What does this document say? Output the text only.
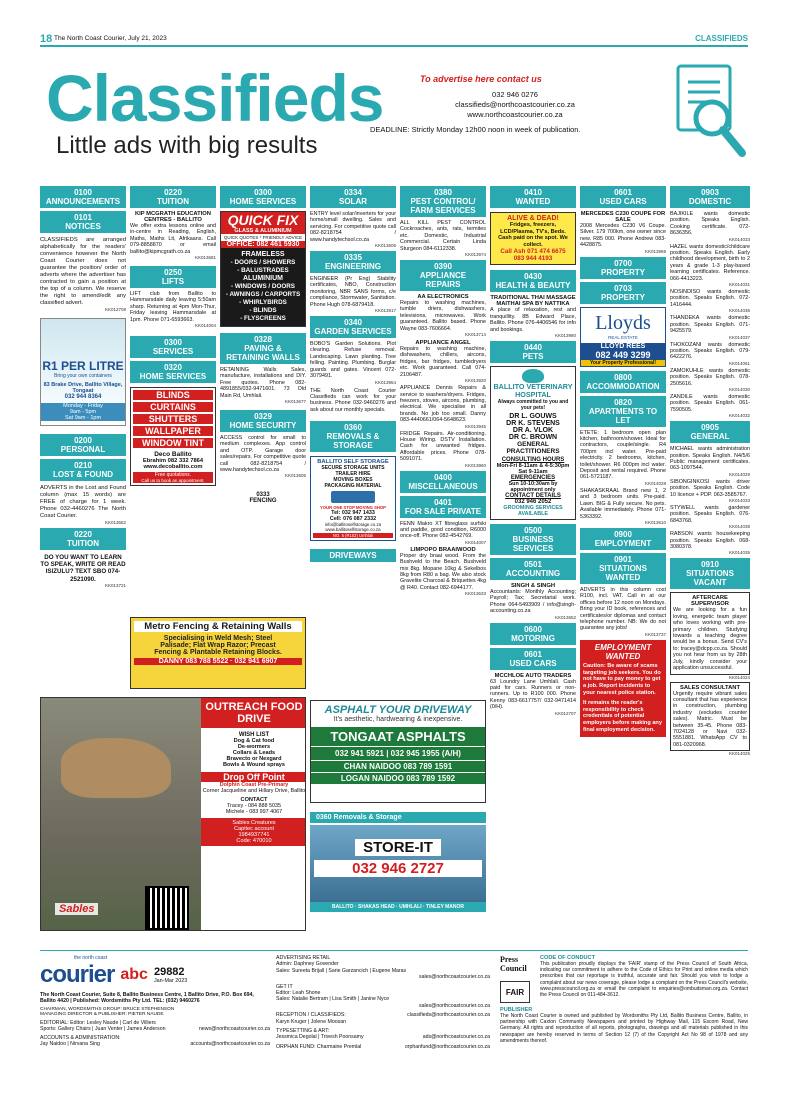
18 The North Coast Courier, July 21, 2023	CLASSIFIEDS
Classifieds
Little ads with big results
To advertise here contact us
032 946 0276
classifieds@northcoastcourier.co.za
www.northcoastcourier.co.za
DEADLINE: Strictly Monday 12h00 noon in week of publication.
0100
ANNOUNCEMENTS
0101
NOTICES
CLASSIFIEDS are arranged alphabetically for the readers' convenience however the North Coast Courier does not guarantee the position/ order of adverts where the advertiser has contracted to gain a position at the top of a column. We reserve the right to amend/edit any classified advert.
KK012708
R1 PER LITRE
Bring your own containers
83 Brake Drive, Ballito Village, Tongaat
032 944 8364
Monday - Friday
9am - 5pm
Sat 9am - 1pm
0200
PERSONAL
0210
LOST & FOUND
ADVERTS in the Lost and Found column (max 15 words) are FREE of charge for 1 week. Phone 032-4460276 The North Coast Courier.
KK013652
0220
TUITION
DO YOU WANT TO LEARN TO SPEAK, WRITE OR READ ISIZULU? TEXT SBO 074-2521090.
KK013721
0220
TUITION
KIP MCGRATH EDUCATION CENTRES - BALLITO
We offer extra lessons online and in-centre in Reading, English, Maths, Maths Lit, Afrikaans. Call 079-8858870 or email ballito@kipmcgrath.co.za
KK013681
0250
LIFTS
LIFT club from Ballito to Hammarsdale daily leaving 5:50am sharp. Returning at 4pm Mon-Thur, Friday leaving Hammarsdale at 1pm. Phone 071-6593663.
KK014004
0300
SERVICES
0320
HOME SERVICES
BLINDS
CURTAINS
SHUTTERS
WALLPAPER
WINDOW TINT
Deco Ballito
Ebrahim 082 332 7864
www.decoballito.com
Free quotations.
Call us to book an appointment.
0300
HOME SERVICES
QUICK FIX
GLASS & ALUMINIUM
QUICK QUOTES * FRIENDLY ADVICE
OFFICE: 082 461 5930
FRAMELESS
- DOORS / SHOWERS
- BALUSTRADES
ALUMINIUM
- WINDOWS / DOORS
- AWNINGS / CARPORTS
- WHIRLYBIRDS
- BLINDS
- FLYSCREENS
0328
PAVING &
RETAINING WALLS
RETAINING Walls Sales, manufacture, installations and DIY. Free quotes. Phone 082-4891855/032-9471601. 73 Old Main Rd, Umhlali.
KK013677
0329
HOME SECURITY
ACCESS control for small to medium complexes. App control and OTP. Garage door sales/repairs. For competitive quote call 082-8218754 / www.handytechsol.co.za
KK013605
0333
FENCING
0334
SOLAR
ENTRY level solar/inverters for your home/small dwelling. Sales and servicing. For competitive quote call 082-8218754 / www.handytechsol.co.za
KK013606
0335
ENGINEERING
ENGINEER (Pr Eng) Stability certificates, NBO, Construction monitoring, NBR SANS forms, c/e compliance, Stormwater, Sanitation. Phone Hugh 078-6879418.
KK013917
0340
GARDEN SERVICES
BOBO'S Garden Solutions. Plot clearing. Refuse removal. Landscaping. Lawn planting. Tree felling. Painting. Plumbing. Burglar guards and gates. Vincent 072-3079491.
KK013954
THE North Coast Courier Classifieds can work for your business. Phone 032-9460276 and ask about our monthly specials.
0360
REMOVALS &
STORAGE
BALLITO SELF STORAGE
SECURE STORAGE UNITS
TRAILER HIRE
MOVING BOXES
PACKAGING MATERIAL
YOUR ONE STOP MOVING SHOP
Tel: 032 947 1433
Cell: 076 087 2332
info@ballitoselfstorage.co.za
www.ballitoselfstorage.co.za
NO. 5 (R102) Umhlali
DRIVEWAYS
0380
PEST CONTROL/
FARM SERVICES
ALL KILL PEST CONTROL Cockroaches, ants, rats, termites etc. Domestic, Industrial Commercial. Certain Linda Sturgeon 084-6112338.
KK013974
0390
APPLIANCE REPAIRS
AA ELECTRONICS
Repairs to washing machines, tumble driers, dishwashers, televisions, microwaves. Work guaranteed. Ballito based. Phone Wayne 083-7606664.
KK013714
APPLIANCE ANGEL
Repairs to washing machine, dishwashers, chillers, aircons, fridges, bar fridges, tumbledryers etc. Work guaranteed. Call 074-2106487.
KK013920
APPLIANCE Dennis Repairs & service to washers/dryers. Fridges, freezers, stoves, aircons, plumbing, electrical. We specialise in all brands. No job too small. Danny 083-4440661/064-5648623.
KK013945
FRIDGE Repairs. Air-conditioning. House Wiring. DSTV Installation. Cash for unwanted fridges. Affordable prices. Phone 078-5091071.
KK013960
0400
MISCELLANEOUS
0401
FOR SALE PRIVATE
FENN Makro XT fibreglass surfski and paddle, good condition, R6000 once-off. Phone 082-4542769.
KK014007
LIMPOPO BRAAIWOOD
Proper dry braai wood. From the Bushveld to the Beach. Bushveld mix 8kg. Mopane 10kg & Sekelbos 8kg from R80 a bag. We also stock Gravelite Charcoal & Briquettes 4kg @ R40. Contact 082-6944177.
KK013633
0410
WANTED
ALIVE & DEAD!
Fridges, freezers, LCD/Plasma, TV's, Beds. Cash paid on the spot. We collect.
Call Ash 071 474 6675
083 944 4193
0430
HEALTH & BEAUTY
TRADITIONAL THAI MASSAGE MAITHAI SPA BY NATTIKA
A place of relaxation, rest and tranquillity. 8B Edward Place, Ballito. Phone 076-4406546 for info and bookings.
KK013980
0440
PETS
BALLITO VETERINARY HOSPITAL
Always committed to you and your pets!
DR L. GOUWS
DR K. STEVENS
DR A. VLOK
DR C. BROWN
GENERAL PRACTITIONERS
CONSULTING HOURS
Mon-Fri 8-11am & 4-5:30pm
Sat 9-11am
EMERGENCIES
Sun 10-10:30am by appointment only
CONTACT DETAILS
032 946 2052
GROOMING SERVICES AVAILABLE
0500
BUSINESS SERVICES
0501
ACCOUNTING
SINGH & SINGH
Accountants: Monthly Accounting; Payroll; Tax; Secretarial work. Phone 064-5493909 / info@singh-accounting.co.za
KK013652
0600
MOTORING
0601
USED CARS
MCCHLOE AUTO TRADERS
63 Loundry Lane Umhlali. Cash paid for cars. Runners or non-runners. Up to R100 000. Phone Kenny 083-6617757/ 032-9471414 (0/H).
KK012707
0601
USED CARS
MERCEDES C230 COUPE FOR SALE
2008 Mercedes C230 V6 Coupe. Silver. 179 700km, one owner since new. R85 000. Phone Andrew 083-4428875.
KK013969
0700
PROPERTY
0703
PROPERTY
Lloyds
REAL ESTATE
LLOYD REES
082 449 3299
Your Property Professional!
0800
ACCOMMODATION
0820
APARTMENTS TO LET
ETETE: 1 bedroom open plan kitchen, bathroom/shower. Ideal for contractors, couple/single. R4 700pm incl water. Pre-paid electricity. 2 bedrooms, kitchen, toilet/shower. R6 000pm incl water. Deposit and rental required. Phone 061-5721187.
KK014028
SHAKASKRAAL Brand new 1, 2 and 3 bedroom units. Pre-paid. Lawn. BIG & Fully secure. No pets. Available immediately. Phone 071-5363392.
KK013610
0900
EMPLOYMENT
0901
SITUATIONS
WANTED
ADVERTS in this column cost R100, incl. VAT. Call in at our offices before 12 noon on Mondays. Bring your ID book, references and certificates/or diplomas and contact telephone number. NB: We do not guarantee any jobs!
KK013737
EMPLOYMENT WANTED
Caution: Be aware of scams targeting job seekers. You do not have to pay money to get a job. Report incidents to your nearest police station.
It remains the reader's responsibility to check credentials of potential employers before making any final employment decision.
0903
DOMESTIC
BAJIKILE wants domestic position. Speaks English. Cooking certificate. 072-8636356.
KK014033
HAZEL wants domestic/childcare position. Speaks English. Early childhood development, birth to 2 years & grade 1-3 play-based learning certificates. Reference. 066-4413223.
KK014031
NOSINDISO wants domestic position. Speaks English. 072-1416444.
KK014036
THANDEKA wants domestic position. Speaks English. 071-9425579.
KK014037
THOKOZANI wants domestic position. Speaks English. 079-6422276.
KK014061
ZAMOKUHLE wants domestic position. Speaks English. 078-2505616.
KK014030
ZANDILE wants domestic position. Speaks English. 061-7590505.
KK014032
0905
GENERAL
MICHAEL wants administration position. Speaks English. N4/5/6 Public management certificates. 063-1097544.
KK014029
SIBONGINKOSI wants driver position. Speaks English. Code 10 licence + PDP. 063-3585767.
KK014033
STYWELL wants gardener position. Speaks English. 076-6843768.
KK014038
RABSON wants housekeeping position. Speaks English. 068-3080378.
KK014035
0910
SITUATIONS VACANT
AFTERCARE SUPERVISOR
We are looking for a fun loving, energetic team player who loves working with pre-primary children. Studying towards a teaching degree would be a bonus. Send CV's to: tracey@dcpp.co.za. Should you not hear from us by 28th July, kindly consider your application unsuccessful.
KK014024
SALES CONSULTANT
Urgently require vibrant sales consultant that has experience in construction, plumbing industry (excludes counter sales). Matric. Must be between 35-45. Phone 083-7024128 or Navi 032-5551881. WhatsApp CV to 081-0320968.
KK014025
Metro Fencing & Retaining Walls
Specialising in Weld Mesh; Steel
Palisade; Flat Wrap Razor; Precast
Fencing & Plantable Retaining Blocks.
DANNY 083 788 5522 · 032 941 6907
ASPHALT YOUR DRIVEWAY
It's aesthetic, hardwearing & inexpensive.
TONGAAT ASPHALTS
032 941 5921 | 032 945 1955 (A/H)
CHAN NAIDOO 083 789 1591
LOGAN NAIDOO 083 789 1592
0360 Removals & Storage
STORE-IT
032 946 2727
BALLITO · SHAKAS HEAD · UMHLALI · TINLEY MANOR
OUTREACH FOOD DRIVE
WISH LIST
Dog & Cat food
De-wormers
Collars & Leads
Bravecto or Nexgard
Bowls & Wound sprays
Drop Off Point
Dolphin Coast Pre-Primary
Corner Jacqueline and Hillary Drive, Ballito
CONTACT
Tracey - 084 888 5035
Michele - 083 997 4067
Sables Creatures
Capitec account
1984937741
Code: 470010
Sables
the north coast
courier abc 29882
Jan-Mar 2023
The North Coast Courier, Suite 8, Ballito Business Centre, 1 Ballito Drive, P.O. Box 694, Ballito 4420 | Published: Wordsmiths Pty Ltd. TEL: (032) 9460276
CHAIRMAN, WORDSMITHS GROUP: BRUCE STEPHENSON
MANAGING DIRECTOR & PUBLISHER: PIETER NAUDE
EDITORIAL: Editor: Lesley Naude | Carl de Villiers
Sports: Gallery Chairs | Juan Venter | James Anderson	news@northcoastcourier.co.za
ACCOUNTS & ADMINISTRATION:
Jay Naidoo | Nirvana Sing	accounts@northcoastcourier.co.za
ADVERTISING RETAIL
Admin: Daphney Govender
Sales: Sureeta Brijall | Sarie Garzancich | Eugene Maras
sales@northcoastcourier.co.za
GET IT
Editor: Leah Shone
Sales: Natalie Bertram | Lisa Smith | Janine Nyce
sales@northcoastcourier.co.za
RECEPTION / CLASSIFIEDS:	classifieds@northcoastcourier.co.za
Karyn Kruger | Jolene Moosan
TYPESETTING & ART:
Jessmica Degolal | Trivesh Poonsamy	ads@northcoastcourier.co.za
ORPHAN FUND: Charmaine Premlal	orphanfund@northcoastcourier.co.za
Press Council
FAIR
CODE OF CONDUCT
This publication proudly displays the 'FAIR' stamp of the Press Council of South Africa, indicating our commitment to adhere to the Code of Ethics for Print and online media which prescribes that our reportage is truthful, accurate and fair. Should you wish to lodge a complaint about our news coverage, please lodge a complaint on the Press Council's website, www.presscouncil.org.za or email the complaint to enquiries@ombudsman.org.za. Contact the Press Council on 011-484-3612.
PUBLISHER
The North Coast Courier is owned and published by Wordsmiths Pty Ltd, Ballito Business Centre, Ballito, in partnership with Caxton Community Newspapers and printed by Highway Mail, 115 Escom Road, New Germany. All rights and reproduction of all reports, photographs, drawings and all materials published in this newspaper are hereby reserved in terms of Section 12 (7) of the Copyright Act No 98 of 1978 and any amendments thereof.
